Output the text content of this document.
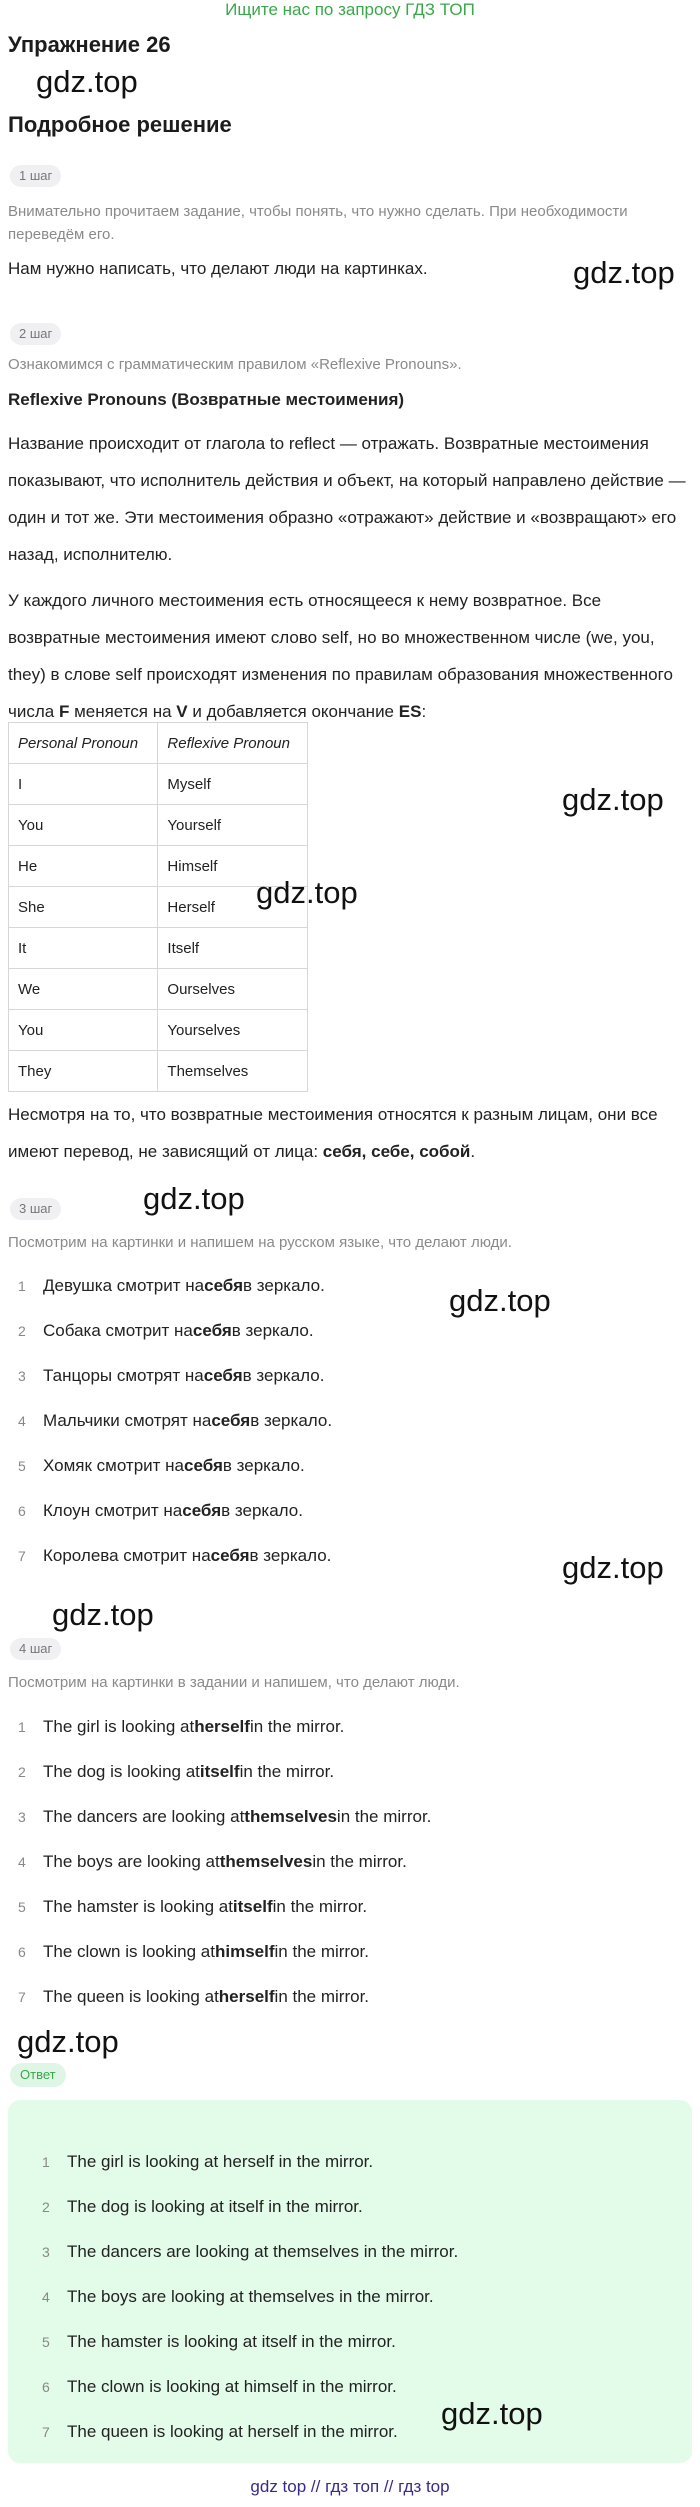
Ищите нас по запросу ГДЗ ТОП
Упражнение 26
gdz.top
Подробное решение
1 шаг
Внимательно прочитаем задание, чтобы понять, что нужно сделать. При необходимости переведём его.
Нам нужно написать, что делают люди на картинках.	gdz.top
2 шаг
Ознакомимся с грамматическим правилом «Reflexive Pronouns».
Reflexive Pronouns (Возвратные местоимения)
Название происходит от глагола to reflect — отражать. Возвратные местоимения показывают, что исполнитель действия и объект, на который направлено действие — один и тот же. Эти местоимения образно «отражают» действие и «возвращают» его назад, исполнителю.
У каждого личного местоимения есть относящееся к нему возвратное. Все возвратные местоимения имеют слово self, но во множественном числе (we, you, they) в слове self происходят изменения по правилам образования множественного числа F меняется на V и добавляется окончание ES:
Personal Pronoun	Reflexive Pronoun
I	Myself
You	Yourself
He	Himself
She	Herself
It	Itself
We	Ourselves
You	Yourselves
They	Themselves
gdz.top
gdz.top
Несмотря на то, что возвратные местоимения относятся к разным лицам, они все имеют перевод, не зависящий от лица: себя, себе, собой.
3 шаг	gdz.top
Посмотрим на картинки и напишем на русском языке, что делают люди.
1	Девушка смотрит на себя в зеркало.
2	Собака смотрит на себя в зеркало.
3	Танцоры смотрят на себя в зеркало.
4	Мальчики смотрят на себя в зеркало.
5	Хомяк смотрит на себя в зеркало.
6	Клоун смотрит на себя в зеркало.
7	Королева смотрит на себя в зеркало.
gdz.top
gdz.top
gdz.top
4 шаг
Посмотрим на картинки в задании и напишем, что делают люди.
1	The girl is looking at herself in the mirror.
2	The dog is looking at itself in the mirror.
3	The dancers are looking at themselves in the mirror.
4	The boys are looking at themselves in the mirror.
5	The hamster is looking at itself in the mirror.
6	The clown is looking at himself in the mirror.
7	The queen is looking at herself in the mirror.
gdz.top
Ответ
1	The girl is looking at herself in the mirror.
2	The dog is looking at itself in the mirror.
3	The dancers are looking at themselves in the mirror.
4	The boys are looking at themselves in the mirror.
5	The hamster is looking at itself in the mirror.
6	The clown is looking at himself in the mirror.
7	The queen is looking at herself in the mirror. gdz.top
gdz top // гдз топ // гдз top
